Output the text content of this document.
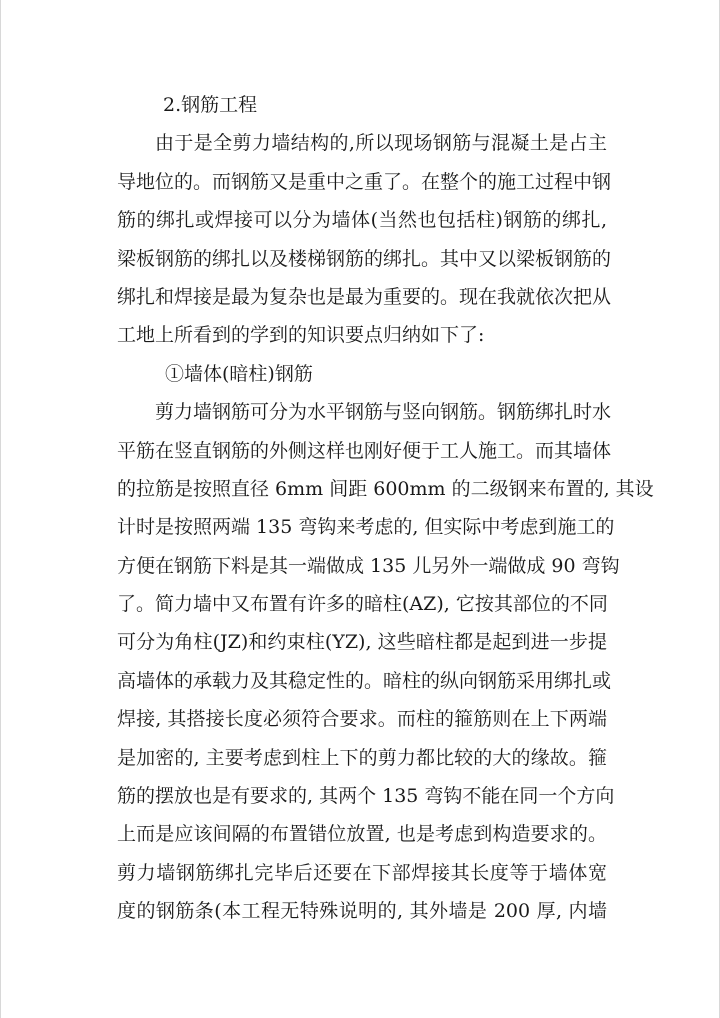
2.钢筋工程
由于是全剪力墙结构的,所以现场钢筋与混凝土是占主
导地位的。而钢筋又是重中之重了。在整个的施工过程中钢
筋的绑扎或焊接可以分为墙体(当然也包括柱)钢筋的绑扎,
梁板钢筋的绑扎以及楼梯钢筋的绑扎。其中又以梁板钢筋的
绑扎和焊接是最为复杂也是最为重要的。现在我就依次把从
工地上所看到的学到的知识要点归纳如下了:
①墙体(暗柱)钢筋
剪力墙钢筋可分为水平钢筋与竖向钢筋。钢筋绑扎时水
平筋在竖直钢筋的外侧这样也刚好便于工人施工。而其墙体
的拉筋是按照直径 6mm 间距 600mm 的二级钢来布置的, 其设
计时是按照两端 135 弯钩来考虑的, 但实际中考虑到施工的
方便在钢筋下料是其一端做成 135 儿另外一端做成 90 弯钩
了。简力墙中又布置有许多的暗柱(AZ), 它按其部位的不同
可分为角柱(JZ)和约束柱(YZ), 这些暗柱都是起到进一步提
高墙体的承载力及其稳定性的。暗柱的纵向钢筋采用绑扎或
焊接, 其搭接长度必须符合要求。而柱的箍筋则在上下两端
是加密的, 主要考虑到柱上下的剪力都比较的大的缘故。箍
筋的摆放也是有要求的, 其两个 135 弯钩不能在同一个方向
上而是应该间隔的布置错位放置, 也是考虑到构造要求的。
剪力墙钢筋绑扎完毕后还要在下部焊接其长度等于墙体宽
度的钢筋条(本工程无特殊说明的, 其外墙是 200 厚, 内墙
